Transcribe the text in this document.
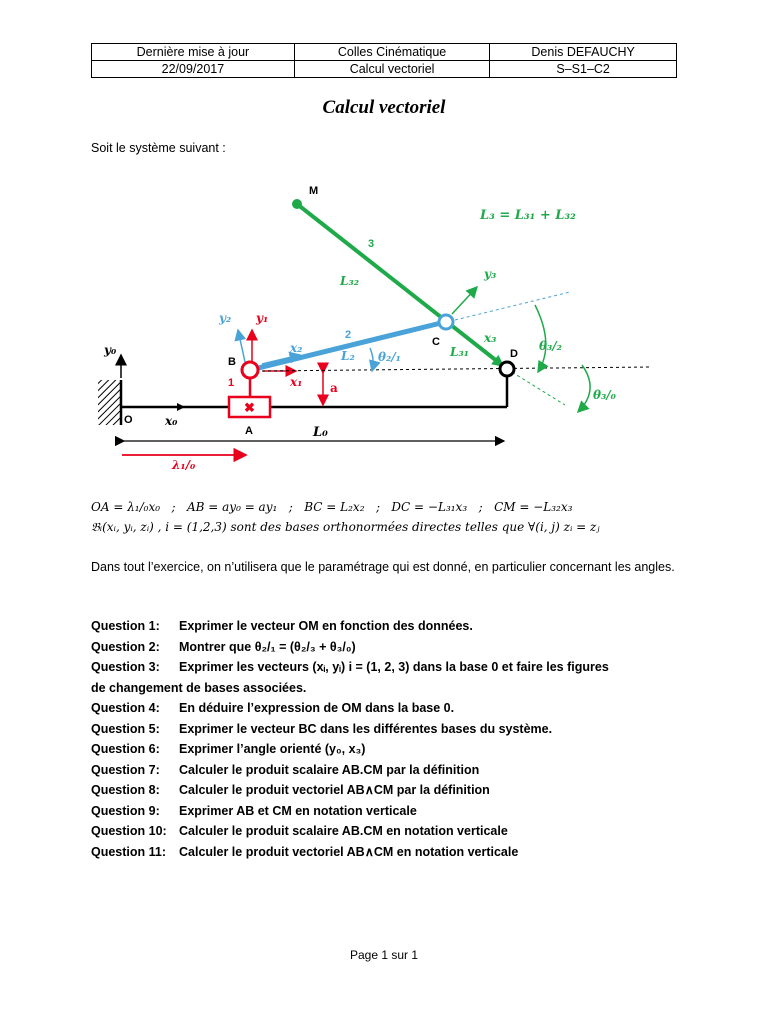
Dernière mise à jour	Colles Cinématique	Denis DEFAUCHY
22/09/2017	Calcul vectoriel	S–S1–C2
Calcul vectoriel
Soit le système suivant :
✖
M
B
C
D
O
A
1
2
3
y₀
x₀
y₁
x₁
y₂
x₂
y₃
x₃
L₃ = L₃₁ + L₃₂
L₃₂
L₃₁
L₂
L₀
a
λ₁/₀
θ₂/₁
θ₃/₂
θ₃/₀
OA = λ₁/₀x₀   ;   AB = ay₀ = ay₁   ;   BC = L₂x₂   ;   DC = −L₃₁x₃   ;   CM = −L₃₂x₃
𝔅ᵢ(xᵢ, yᵢ, zᵢ) , i = (1,2,3) sont des bases orthonormées directes telles que ∀(i, j) zᵢ = zⱼ
Dans tout l’exercice, on n’utilisera que le paramétrage qui est donné, en particulier concernant les angles.
Question 1: Exprimer le vecteur OM en fonction des données.
Question 2: Montrer que θ₂/₁ = (θ₂/₃ + θ₃/₀)
Question 3: Exprimer les vecteurs (xᵢ, yᵢ) i = (1, 2, 3) dans la base 0 et faire les figures
de changement de bases associées.
Question 4: En déduire l’expression de OM dans la base 0.
Question 5: Exprimer le vecteur BC dans les différentes bases du système.
Question 6: Exprimer l’angle orienté (y₀, x₃)
Question 7: Calculer le produit scalaire AB.CM par la définition
Question 8: Calculer le produit vectoriel AB∧CM par la définition
Question 9: Exprimer AB et CM en notation verticale
Question 10: Calculer le produit scalaire AB.CM en notation verticale
Question 11: Calculer le produit vectoriel AB∧CM en notation verticale
Page 1 sur 1
